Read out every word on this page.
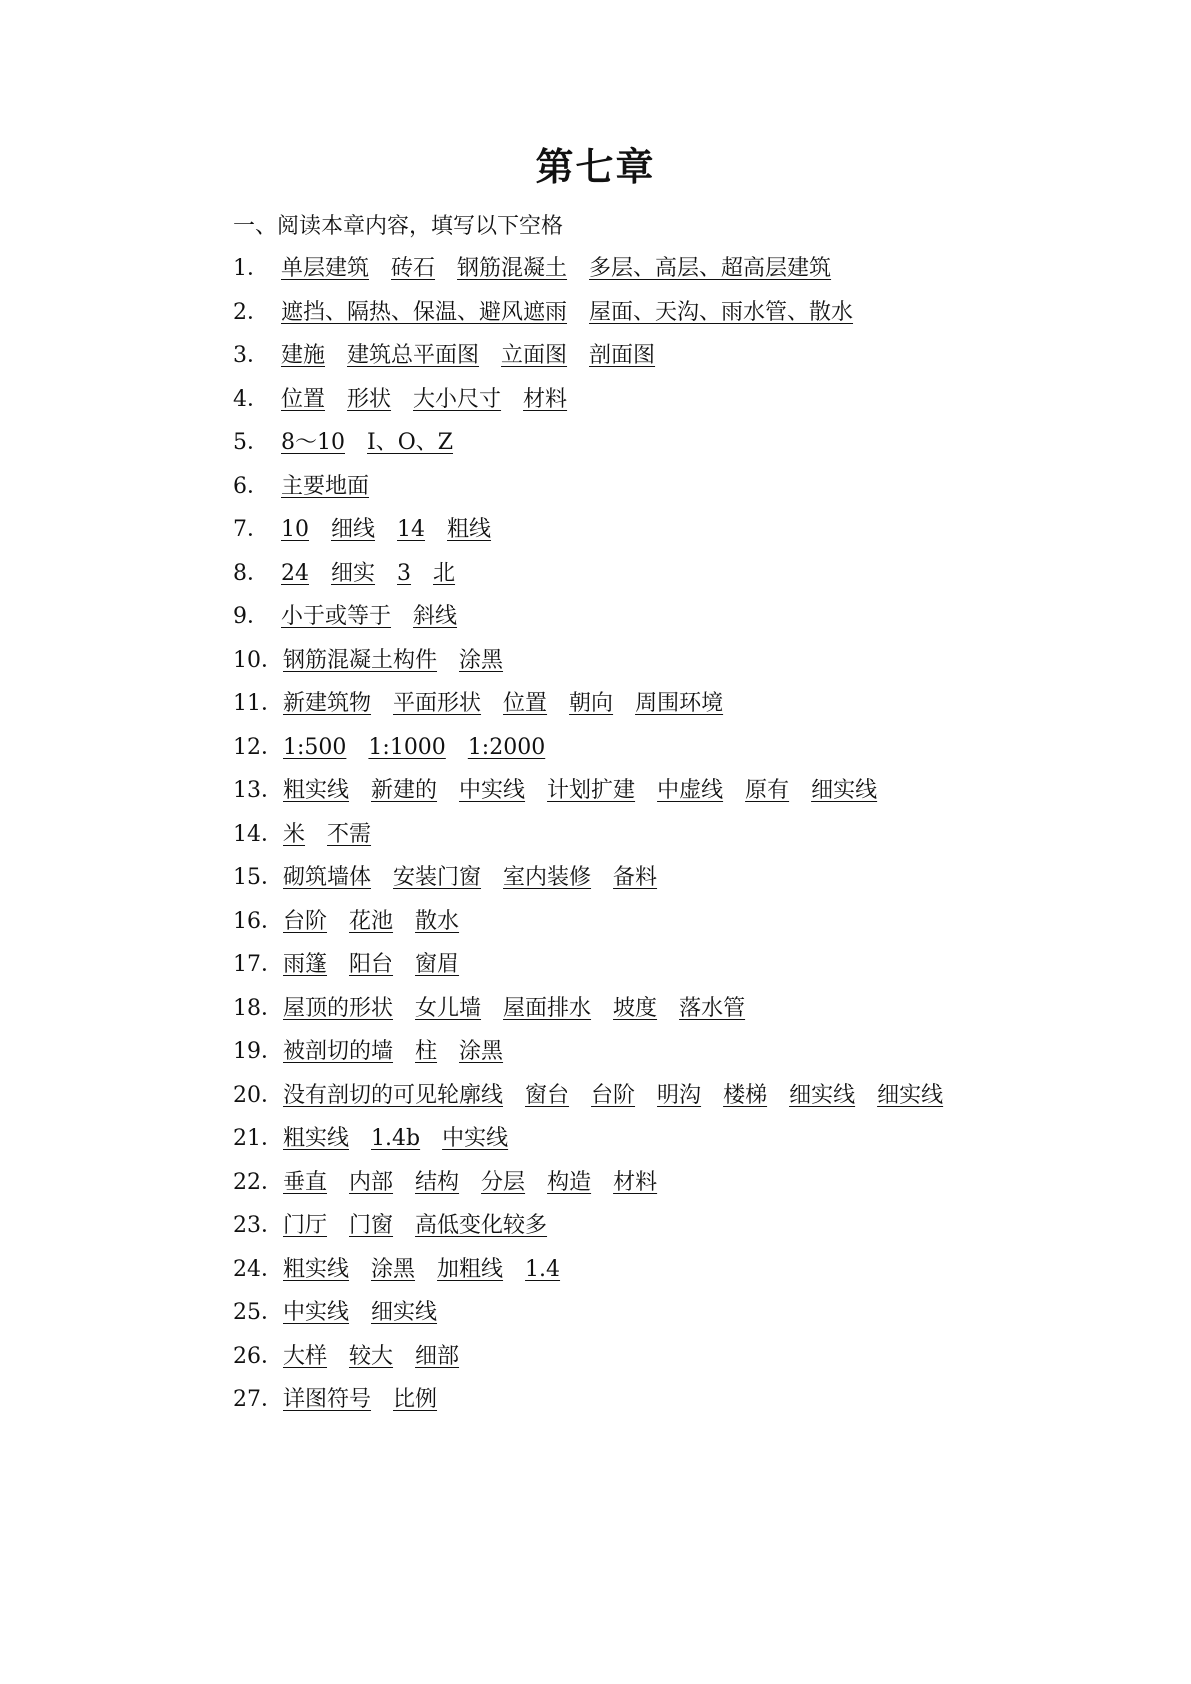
第七章
一、阅读本章内容，填写以下空格
1． 单层建筑 砖石 钢筋混凝土 多层、高层、超高层建筑
2． 遮挡、隔热、保温、避风遮雨 屋面、天沟、雨水管、散水
3． 建施 建筑总平面图 立面图 剖面图
4． 位置 形状 大小尺寸 材料
5． 8～10 I、O、Z
6． 主要地面
7． 10 细线 14 粗线
8． 24 细实 3 北
9． 小于或等于 斜线
10． 钢筋混凝土构件 涂黑
11． 新建筑物 平面形状 位置 朝向 周围环境
12． 1:500 1:1000 1:2000
13． 粗实线 新建的 中实线 计划扩建 中虚线 原有 细实线
14． 米 不需
15． 砌筑墙体 安装门窗 室内装修 备料
16． 台阶 花池 散水
17． 雨篷 阳台 窗眉
18． 屋顶的形状 女儿墙 屋面排水 坡度 落水管
19． 被剖切的墙 柱 涂黑
20． 没有剖切的可见轮廓线 窗台 台阶 明沟 楼梯 细实线 细实线
21． 粗实线 1.4b 中实线
22． 垂直 内部 结构 分层 构造 材料
23． 门厅 门窗 高低变化较多
24． 粗实线 涂黑 加粗线 1.4
25． 中实线 细实线
26． 大样 较大 细部
27． 详图符号 比例
